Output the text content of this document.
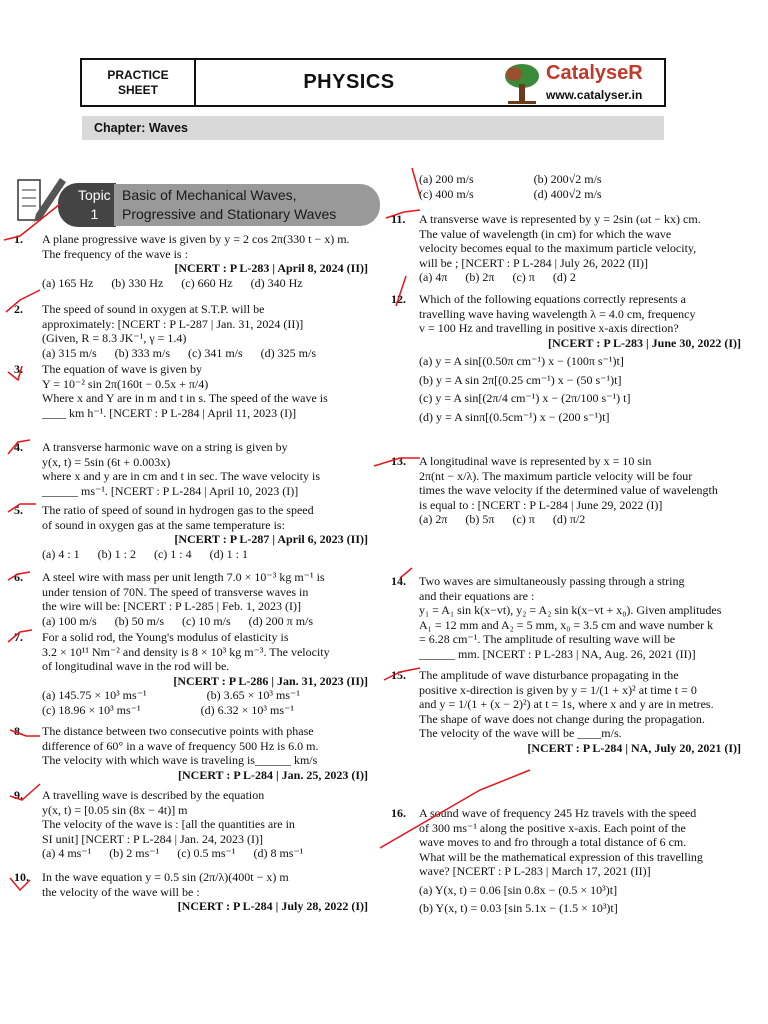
PRACTICE
SHEET	PHYSICS	CatalyseR
www.catalyser.in
Chapter: Waves
Topic
1
Basic of Mechanical Waves,
Progressive and Stationary Waves
1. A plane progressive wave is given by y = 2 cos 2π(330 t − x) m.
The frequency of the wave is :
[NCERT : P L-283 | April 8, 2024 (II)]
(a) 165 Hz (b) 330 Hz (c) 660 Hz (d) 340 Hz
2. The speed of sound in oxygen at S.T.P. will be
approximately: [NCERT : P L-287 | Jan. 31, 2024 (II)]
(Given, R = 8.3 JK⁻¹, γ = 1.4)
(a) 315 m/s (b) 333 m/s (c) 341 m/s (d) 325 m/s
3. The equation of wave is given by
Y = 10⁻² sin 2π(160t − 0.5x + π/4)
Where x and Y are in m and t in s. The speed of the wave is
____ km h⁻¹. [NCERT : P L-284 | April 11, 2023 (I)]
4. A transverse harmonic wave on a string is given by
y(x, t) = 5sin (6t + 0.003x)
where x and y are in cm and t in sec. The wave velocity is
______ ms⁻¹. [NCERT : P L-284 | April 10, 2023 (I)]
5. The ratio of speed of sound in hydrogen gas to the speed
of sound in oxygen gas at the same temperature is:
[NCERT : P L-287 | April 6, 2023 (II)]
(a) 4 : 1 (b) 1 : 2 (c) 1 : 4 (d) 1 : 1
6. A steel wire with mass per unit length 7.0 × 10⁻³ kg m⁻¹ is
under tension of 70N. The speed of transverse waves in
the wire will be: [NCERT : P L-285 | Feb. 1, 2023 (I)]
(a) 100 m/s (b) 50 m/s (c) 10 m/s (d) 200 π m/s
7. For a solid rod, the Young's modulus of elasticity is
3.2 × 10¹¹ Nm⁻² and density is 8 × 10³ kg m⁻³. The velocity
of longitudinal wave in the rod will be.
[NCERT : P L-286 | Jan. 31, 2023 (II)]
(a) 145.75 × 10³ ms⁻¹	(b) 3.65 × 10³ ms⁻¹
(c) 18.96 × 10³ ms⁻¹	(d) 6.32 × 10³ ms⁻¹
8. The distance between two consecutive points with phase
difference of 60° in a wave of frequency 500 Hz is 6.0 m.
The velocity with which wave is traveling is______ km/s
[NCERT : P L-284 | Jan. 25, 2023 (I)]
9. A travelling wave is described by the equation
y(x, t) = [0.05 sin (8x − 4t)] m
The velocity of the wave is : [all the quantities are in
SI unit] [NCERT : P L-284 | Jan. 24, 2023 (I)]
(a) 4 ms⁻¹ (b) 2 ms⁻¹ (c) 0.5 ms⁻¹ (d) 8 ms⁻¹
10. In the wave equation y = 0.5 sin (2π/λ)(400t − x) m
the velocity of the wave will be :
[NCERT : P L-284 | July 28, 2022 (I)]
(a) 200 m/s	(b) 200√2 m/s
(c) 400 m/s	(d) 400√2 m/s
11. A transverse wave is represented by y = 2sin (ωt − kx) cm.
The value of wavelength (in cm) for which the wave
velocity becomes equal to the maximum particle velocity,
will be ; [NCERT : P L-284 | July 26, 2022 (II)]
(a) 4π (b) 2π (c) π (d) 2
12. Which of the following equations correctly represents a
travelling wave having wavelength λ = 4.0 cm, frequency
v = 100 Hz and travelling in positive x-axis direction?
[NCERT : P L-283 | June 30, 2022 (I)]
(a) y = A sin[(0.50π cm⁻¹) x − (100π s⁻¹)t]
(b) y = A sin 2π[(0.25 cm⁻¹) x − (50 s⁻¹)t]
(c) y = A sin[(2π/4 cm⁻¹) x − (2π/100 s⁻¹) t]
(d) y = A sinπ[(0.5cm⁻¹) x − (200 s⁻¹)t]
13. A longitudinal wave is represented by x = 10 sin
2π(nt − x/λ). The maximum particle velocity will be four
times the wave velocity if the determined value of wavelength
is equal to : [NCERT : P L-284 | June 29, 2022 (I)]
(a) 2π (b) 5π (c) π (d) π/2
14. Two waves are simultaneously passing through a string
and their equations are :
y₁ = A₁ sin k(x−vt), y₂ = A₂ sin k(x−vt + x₀). Given amplitudes
A₁ = 12 mm and A₂ = 5 mm, x₀ = 3.5 cm and wave number k
= 6.28 cm⁻¹. The amplitude of resulting wave will be
______ mm. [NCERT : P L-283 | NA, Aug. 26, 2021 (II)]
15. The amplitude of wave disturbance propagating in the
positive x-direction is given by y = 1/(1 + x)² at time t = 0
and y = 1/(1 + (x − 2)²) at t = 1s, where x and y are in metres.
The shape of wave does not change during the propagation.
The velocity of the wave will be ____m/s.
[NCERT : P L-284 | NA, July 20, 2021 (I)]
16. A sound wave of frequency 245 Hz travels with the speed
of 300 ms⁻¹ along the positive x-axis. Each point of the
wave moves to and fro through a total distance of 6 cm.
What will be the mathematical expression of this travelling
wave? [NCERT : P L-283 | March 17, 2021 (II)]
(a) Y(x, t) = 0.06 [sin 0.8x − (0.5 × 10³)t]
(b) Y(x, t) = 0.03 [sin 5.1x − (1.5 × 10³)t]
